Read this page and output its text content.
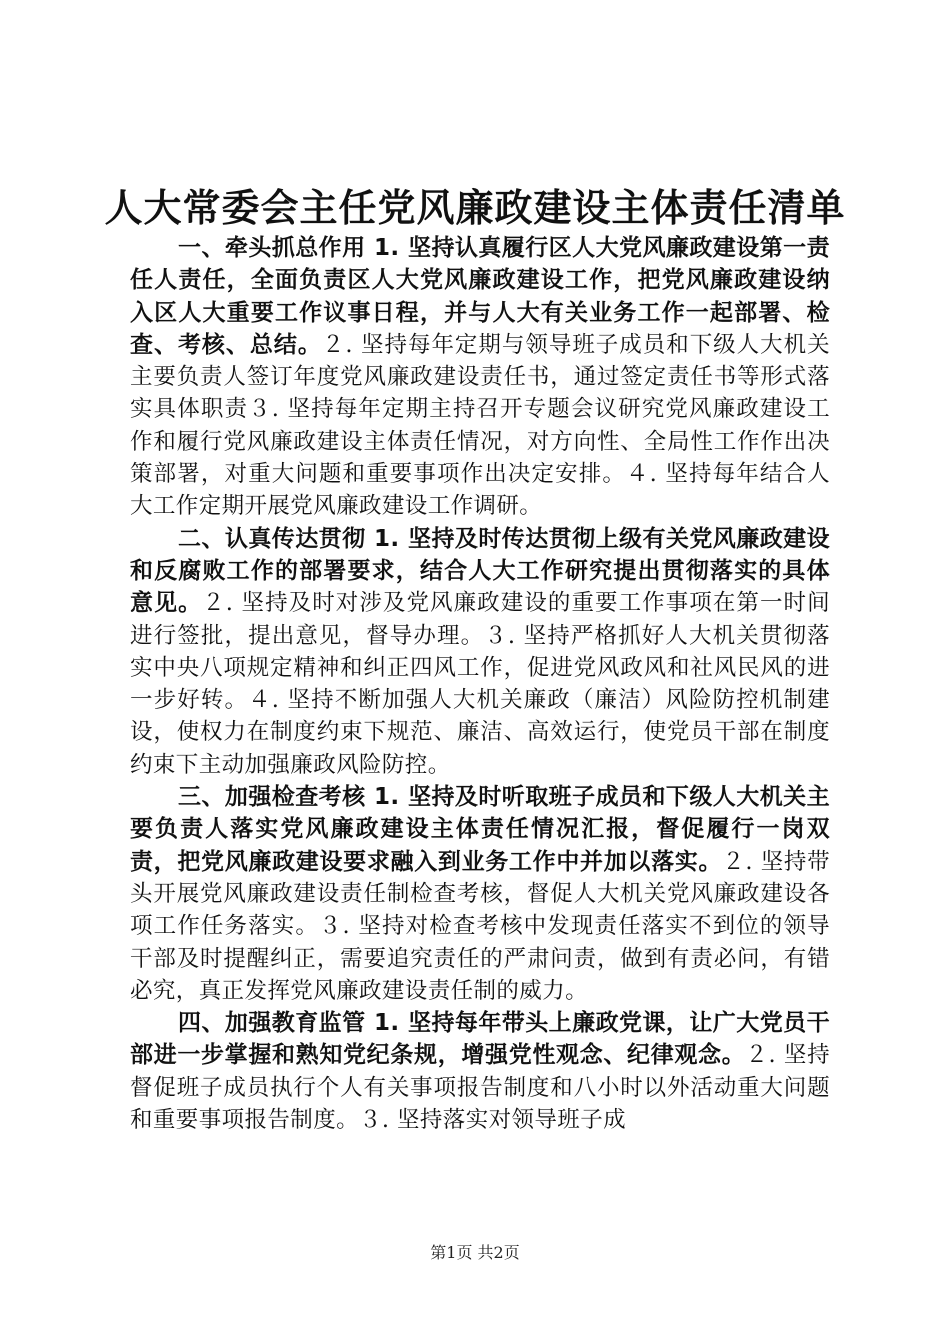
人大常委会主任党风廉政建设主体责任清单

一、牵头抓总作用 1. 坚持认真履行区人大党风廉政建设第一责任人责任，全面负责区人大党风廉政建设工作，把党风廉政建设纳入区人大重要工作议事日程，并与人大有关业务工作一起部署、检查、考核、总结。２. 坚持每年定期与领导班子成员和下级人大机关主要负责人签订年度党风廉政建设责任书，通过签定责任书等形式落实具体职责３. 坚持每年定期主持召开专题会议研究党风廉政建设工作和履行党风廉政建设主体责任情况，对方向性、全局性工作作出决策部署，对重大问题和重要事项作出决定安排。４. 坚持每年结合人大工作定期开展党风廉政建设工作调研。

二、认真传达贯彻 1. 坚持及时传达贯彻上级有关党风廉政建设和反腐败工作的部署要求，结合人大工作研究提出贯彻落实的具体意见。２. 坚持及时对涉及党风廉政建设的重要工作事项在第一时间进行签批，提出意见，督导办理。３. 坚持严格抓好人大机关贯彻落实中央八项规定精神和纠正四风工作，促进党风政风和社风民风的进一步好转。４. 坚持不断加强人大机关廉政（廉洁）风险防控机制建设，使权力在制度约束下规范、廉洁、高效运行，使党员干部在制度约束下主动加强廉政风险防控。

三、加强检查考核 1. 坚持及时听取班子成员和下级人大机关主要负责人落实党风廉政建设主体责任情况汇报，督促履行一岗双责，把党风廉政建设要求融入到业务工作中并加以落实。２. 坚持带头开展党风廉政建设责任制检查考核，督促人大机关党风廉政建设各项工作任务落实。３. 坚持对检查考核中发现责任落实不到位的领导干部及时提醒纠正，需要追究责任的严肃问责，做到有责必问，有错必究，真正发挥党风廉政建设责任制的威力。

四、加强教育监管 1. 坚持每年带头上廉政党课，让广大党员干部进一步掌握和熟知党纪条规，增强党性观念、纪律观念。２. 坚持督促班子成员执行个人有关事项报告制度和八小时以外活动重大问题和重要事项报告制度。３. 坚持落实对领导班子成

第1页 共2页
